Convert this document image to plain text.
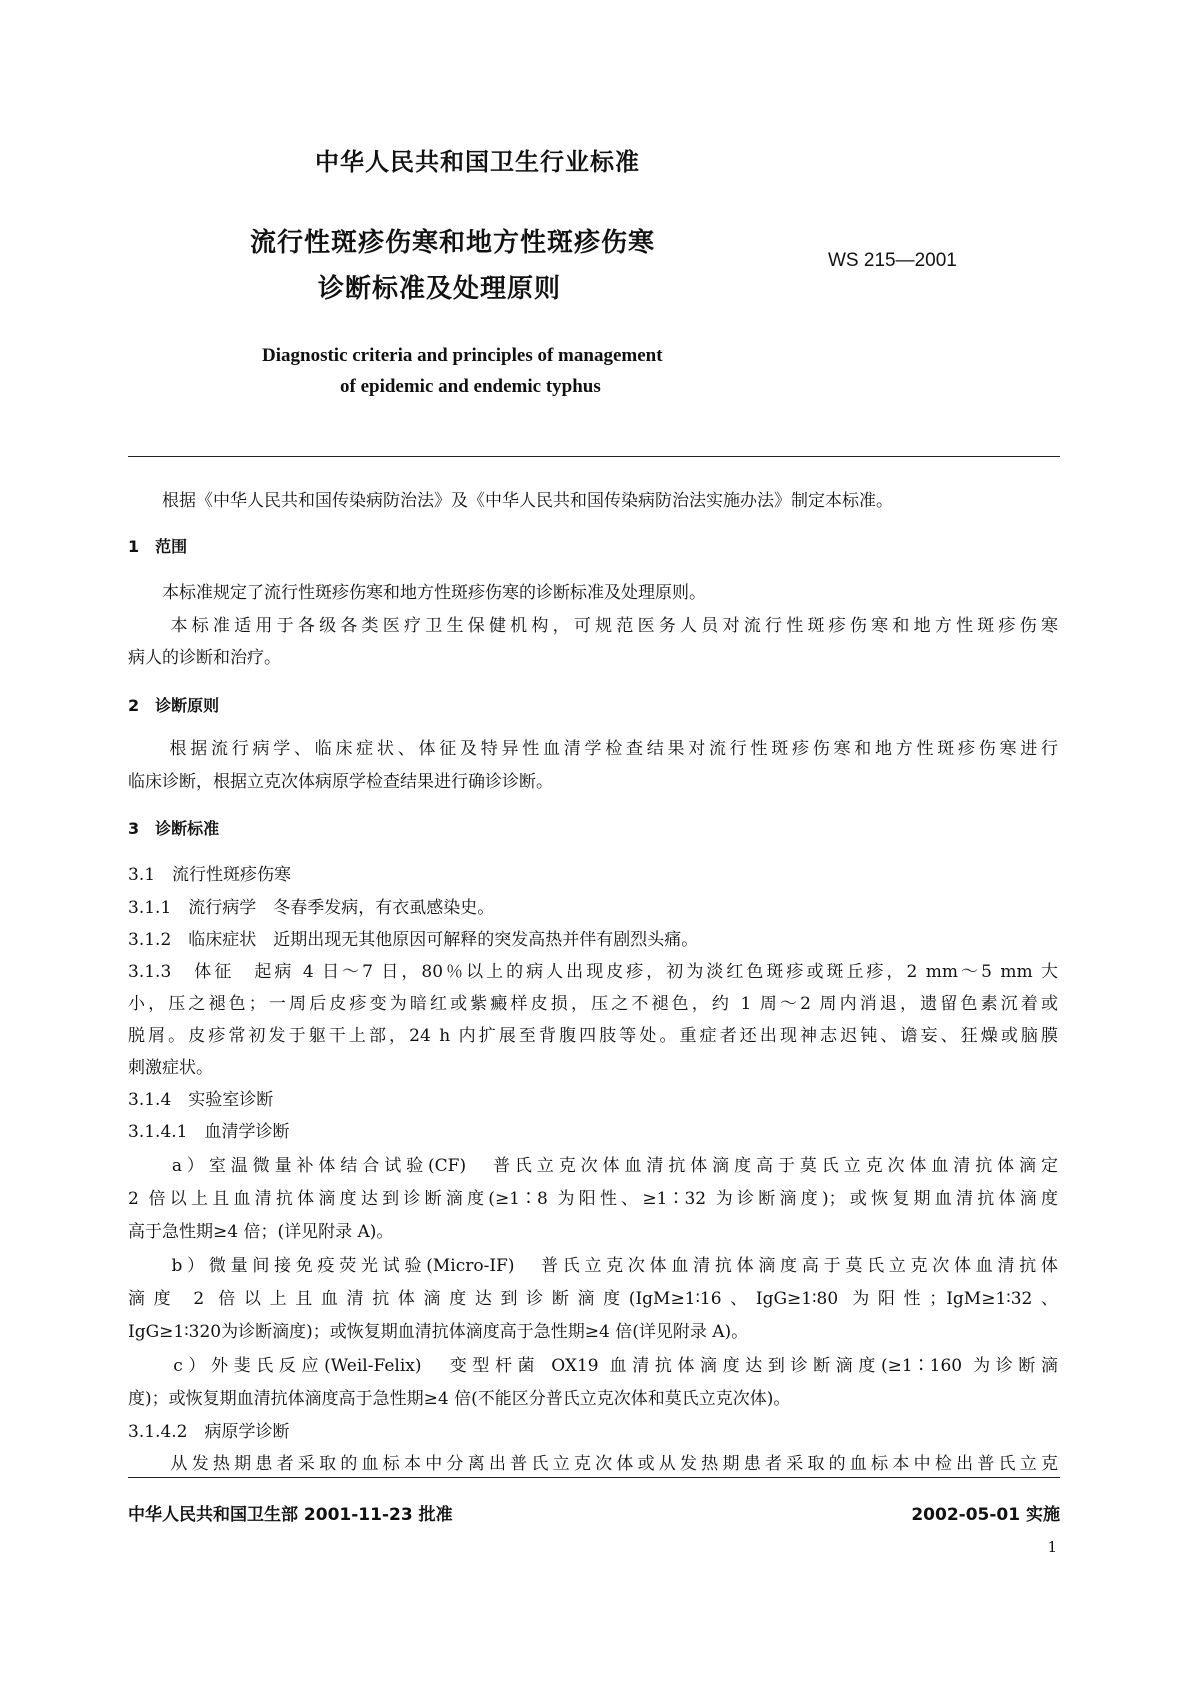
中华人民共和国卫生行业标准
流行性斑疹伤寒和地方性斑疹伤寒
诊断标准及处理原则
WS 215—2001
Diagnostic criteria and principles of management
of epidemic and endemic typhus
　　根据《中华人民共和国传染病防治法》及《中华人民共和国传染病防治法实施办法》制定本标准。
1　范围
　　本标准规定了流行性斑疹伤寒和地方性斑疹伤寒的诊断标准及处理原则。
　　本标准适用于各级各类医疗卫生保健机构，可规范医务人员对流行性斑疹伤寒和地方性斑疹伤寒
病人的诊断和治疗。
2　诊断原则
　　根据流行病学、临床症状、体征及特异性血清学检查结果对流行性斑疹伤寒和地方性斑疹伤寒进行
临床诊断，根据立克次体病原学检查结果进行确诊诊断。
3　诊断标准
3.1　流行性斑疹伤寒
3.1.1　流行病学　冬春季发病，有衣虱感染史。
3.1.2　临床症状　近期出现无其他原因可解释的突发高热并伴有剧烈头痛。
3.1.3　体征　起病 4 日～7 日，80％以上的病人出现皮疹，初为淡红色斑疹或斑丘疹，2 mm～5 mm 大
小，压之褪色；一周后皮疹变为暗红或紫癜样皮损，压之不褪色，约 1 周～2 周内消退，遗留色素沉着或
脱屑。皮疹常初发于躯干上部，24 h 内扩展至背腹四肢等处。重症者还出现神志迟钝、谵妄、狂燥或脑膜
刺激症状。
3.1.4　实验室诊断
3.1.4.1　血清学诊断
　　a）室温微量补体结合试验(CF)　普氏立克次体血清抗体滴度高于莫氏立克次体血清抗体滴定
2 倍以上且血清抗体滴度达到诊断滴度(≥1∶8 为阳性、≥1∶32 为诊断滴度)；或恢复期血清抗体滴度
高于急性期≥4 倍；(详见附录 A)。
　　b）微量间接免疫荧光试验(Micro-IF)　普氏立克次体血清抗体滴度高于莫氏立克次体血清抗体
滴度 2 倍以上且血清抗体滴度达到诊断滴度(IgM≥1∶16、IgG≥1∶80 为阳性；IgM≥1∶32、
IgG≥1∶320为诊断滴度)；或恢复期血清抗体滴度高于急性期≥4 倍(详见附录 A)。
　　c）外斐氏反应(Weil-Felix)　变型杆菌 OX19 血清抗体滴度达到诊断滴度(≥1∶160 为诊断滴
度)；或恢复期血清抗体滴度高于急性期≥4 倍(不能区分普氏立克次体和莫氏立克次体)。
3.1.4.2　病原学诊断
　　从发热期患者采取的血标本中分离出普氏立克次体或从发热期患者采取的血标本中检出普氏立克
中华人民共和国卫生部 2001-11-23 批准	2002-05-01 实施
1
